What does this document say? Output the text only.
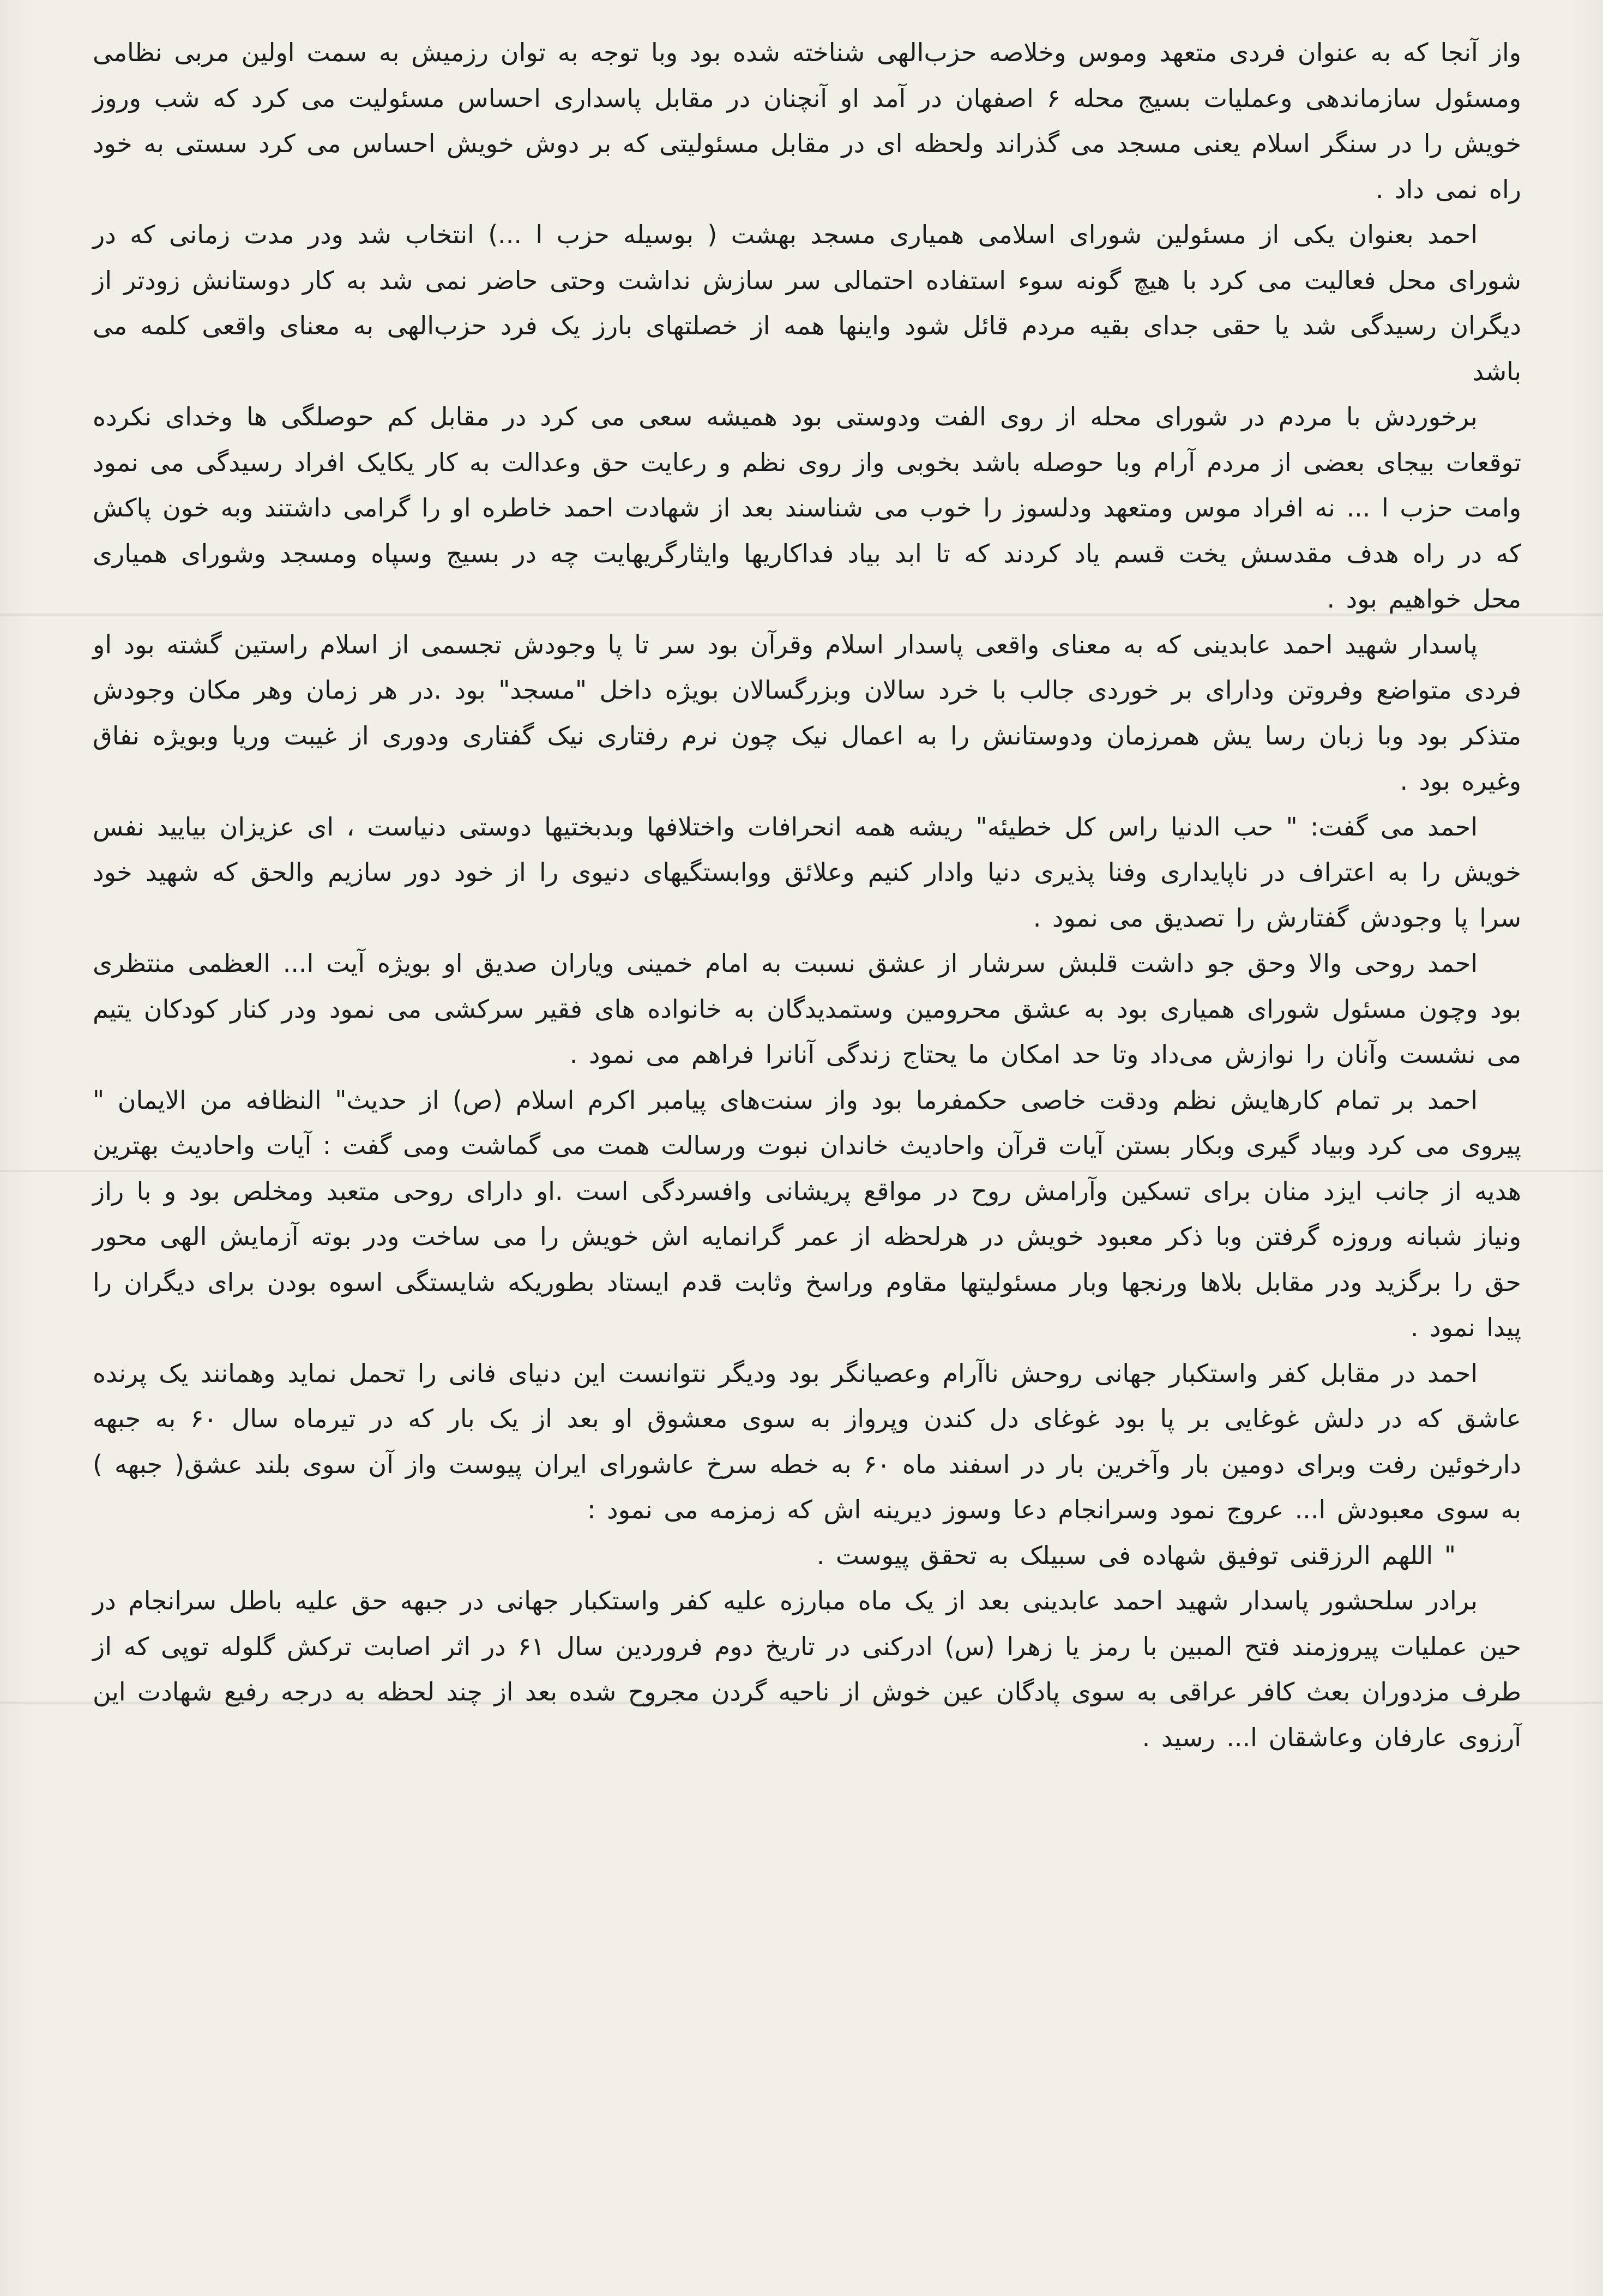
واز آنجا که به عنوان فردی متعهد وموس وخلاصه حزب‌الهی شناخته شده بود وبا توجه به توان رزمیش به سمت اولین مربی نظامی ومسئول سازماندهی وعملیات بسیج محله ۶ اصفهان در آمد او آنچنان در مقابل پاسداری احساس مسئولیت می کرد که شب وروز خویش را در سنگر اسلام یعنی مسجد می گذراند ولحظه ای در مقابل مسئولیتی که بر دوش خویش احساس می کرد سستی به خود راه نمی داد .

احمد بعنوان یکی از مسئولین شورای اسلامی همیاری مسجد بهشت ( بوسیله حزب ا ...) انتخاب شد ودر مدت زمانی که در شورای محل فعالیت می کرد با هیچ گونه سوء استفاده احتمالی سر سازش نداشت وحتی حاضر نمی شد به کار دوستانش زودتر از دیگران رسیدگی شد یا حقی جدای بقیه مردم قائل شود واینها همه از خصلتهای بارز یک فرد حزب‌الهی به معنای واقعی کلمه می باشد

برخوردش با مردم در شورای محله از روی الفت ودوستی بود همیشه سعی می کرد در مقابل کم حوصلگی ها وخدای نکرده توقعات بیجای بعضی از مردم آرام وبا حوصله باشد بخوبی واز روی نظم و رعایت حق وعدالت به کار یکایک افراد رسیدگی می نمود وامت حزب ا ... نه افراد موس ومتعهد ودلسوز را خوب می شناسند بعد از شهادت احمد خاطره او را گرامی داشتند وبه خون پاکش که در راه هدف مقدسش یخت قسم یاد کردند که تا ابد بیاد فداکاریها وایثارگریهایت چه در بسیج وسپاه ومسجد وشورای همیاری محل خواهیم بود .

پاسدار شهید احمد عابدینی که به معنای واقعی پاسدار اسلام وقرآن بود سر تا پا وجودش تجسمی از اسلام راستین گشته بود او فردی متواضع وفروتن ودارای بر خوردی جالب با خرد سالان وبزرگسالان بویژه داخل "مسجد" بود .در هر زمان وهر مکان وجودش متذکر بود وبا زبان رسا یش همرزمان ودوستانش را به اعمال نیک چون نرم رفتاری نیک گفتاری ودوری از غیبت وریا وبویژه نفاق وغیره بود .

احمد می گفت: " حب الدنیا راس کل خطیئه" ریشه همه انحرافات واختلافها وبدبختیها دوستی دنیاست ، ای عزیزان بیایید نفس خویش را به اعتراف در ناپایداری وفنا پذیری دنیا وادار کنیم وعلائق ووابستگیهای دنیوی را از خود دور سازیم والحق که شهید خود سرا پا وجودش گفتارش را تصدیق می نمود .

احمد روحی والا وحق جو داشت قلبش سرشار از عشق نسبت به امام خمینی ویاران صدیق او بویژه آیت ا... العظمی منتظری بود وچون مسئول شورای همیاری بود به عشق محرومین وستمدیدگان به خانواده های فقیر سرکشی می نمود ودر کنار کودکان یتیم می نشست وآنان را نوازش می‌داد وتا حد امکان ما یحتاج زندگی آنانرا فراهم می نمود .

احمد بر تمام کارهایش نظم ودقت خاصی حکمفرما بود واز سنت‌های پیامبر اکرم اسلام (ص) از حدیث" النظافه من الایمان " پیروی می کرد وبیاد گیری وبکار بستن آیات قرآن واحادیث خاندان نبوت ورسالت همت می گماشت ومی گفت : آیات واحادیث بهترین هدیه از جانب ایزد منان برای تسکین وآرامش روح در مواقع پریشانی وافسردگی است .او دارای روحی متعبد ومخلص بود و با راز ونیاز شبانه وروزه گرفتن وبا ذکر معبود خویش در هرلحظه از عمر گرانمایه اش خویش را می ساخت ودر بوته آزمایش الهی محور حق را برگزید ودر مقابل بلاها ورنجها وبار مسئولیتها مقاوم وراسخ وثابت قدم ایستاد بطوریکه شایستگی اسوه بودن برای دیگران را پیدا نمود .

احمد در مقابل کفر واستکبار جهانی روحش ناآرام وعصیانگر بود ودیگر نتوانست این دنیای فانی را تحمل نماید وهمانند یک پرنده عاشق که در دلش غوغایی بر پا بود غوغای دل کندن وپرواز به سوی معشوق او بعد از یک بار که در تیرماه سال ۶۰ به جبهه دارخوئین رفت وبرای دومین بار وآخرین بار در اسفند ماه ۶۰ به خطه سرخ عاشورای ایران پیوست واز آن سوی بلند عشق( جبهه ) به سوی معبودش ا... عروج نمود وسرانجام دعا وسوز دیرینه اش که زمزمه می نمود :

" اللهم الرزقنی توفیق شهاده فی سبیلک به تحقق پیوست .

برادر سلحشور پاسدار شهید احمد عابدینی بعد از یک ماه مبارزه علیه کفر واستکبار جهانی در جبهه حق علیه باطل سرانجام در حین عملیات پیروزمند فتح المبین با رمز یا زهرا (س) ادرکنی در تاریخ دوم فروردین سال ۶۱ در اثر اصابت ترکش گلوله توپی که از طرف مزدوران بعث کافر عراقی به سوی پادگان عین خوش از ناحیه گردن مجروح شده بعد از چند لحظه به درجه رفیع شهادت این آرزوی عارفان وعاشقان ا... رسید .
